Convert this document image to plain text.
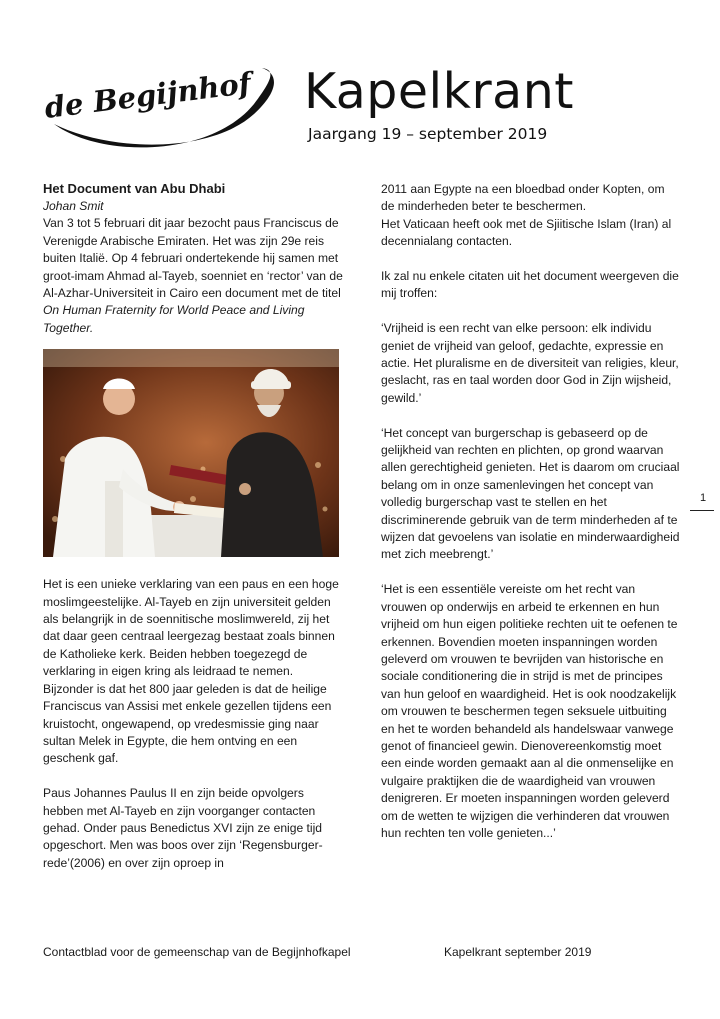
de Begijnhof Kapelkrant
Jaargang 19 – september 2019

Het Document van Abu Dhabi

Johan Smit

Van 3 tot 5 februari dit jaar bezocht paus Franciscus de Verenigde Arabische Emiraten. Het was zijn 29e reis buiten Italië. Op 4 februari ondertekende hij samen met groot-imam Ahmad al-Tayeb, soenniet en ‘rector’ van de Al-Azhar-Universiteit in Cairo een document met de titel On Human Fraternity for World Peace and Living Together.

Het is een unieke verklaring van een paus en een hoge moslimgeestelijke. Al-Tayeb en zijn universiteit gelden als belangrijk in de soennitische moslimwereld, zij het dat daar geen centraal leergezag bestaat zoals binnen de Katholieke kerk. Beiden hebben toegezegd de verklaring in eigen kring als leidraad te nemen.

Bijzonder is dat het 800 jaar geleden is dat de heilige Franciscus van Assisi met enkele gezellen tijdens een kruistocht, ongewapend, op vredesmissie ging naar sultan Melek in Egypte, die hem ontving en een geschenk gaf.

Paus Johannes Paulus II en zijn beide opvolgers hebben met Al-Tayeb en zijn voorganger contacten gehad. Onder paus Benedictus XVI zijn ze enige tijd opgeschort. Men was boos over zijn ‘Regensburger-rede’(2006) en over zijn oproep in

2011 aan Egypte na een bloedbad onder Kopten, om de minderheden beter te beschermen.

Het Vaticaan heeft ook met de Sjiitische Islam (Iran) al decennialang contacten.

Ik zal nu enkele citaten uit het document weergeven die mij troffen:

‘Vrijheid is een recht van elke persoon: elk individu geniet de vrijheid van geloof, gedachte, expressie en actie. Het pluralisme en de diversiteit van religies, kleur, geslacht, ras en taal worden door God in Zijn wijsheid, gewild.’

‘Het concept van burgerschap is gebaseerd op de gelijkheid van rechten en plichten, op grond waarvan allen gerechtigheid genieten. Het is daarom om cruciaal belang om in onze samenlevingen het concept van volledig burgerschap vast te stellen en het discriminerende gebruik van de term minderheden af te wijzen dat gevoelens van isolatie en minderwaardigheid met zich meebrengt.’

‘Het is een essentiële vereiste om het recht van vrouwen op onderwijs en arbeid te erkennen en hun vrijheid om hun eigen politieke rechten uit te oefenen te erkennen. Bovendien moeten inspanningen worden geleverd om vrouwen te bevrijden van historische en sociale conditionering die in strijd is met de principes van hun geloof en waardigheid. Het is ook noodzakelijk om vrouwen te beschermen tegen seksuele uitbuiting en het te worden behandeld als handelswaar vanwege genot of financieel gewin. Dienovereenkomstig moet een einde worden gemaakt aan al die onmenselijke en vulgaire praktijken die de waardigheid van vrouwen denigreren. Er moeten inspanningen worden geleverd om de wetten te wijzigen die verhinderen dat vrouwen hun rechten ten volle genieten...’

1
Contactblad voor de gemeenschap van de Begijnhofkapel	Kapelkrant september 2019
